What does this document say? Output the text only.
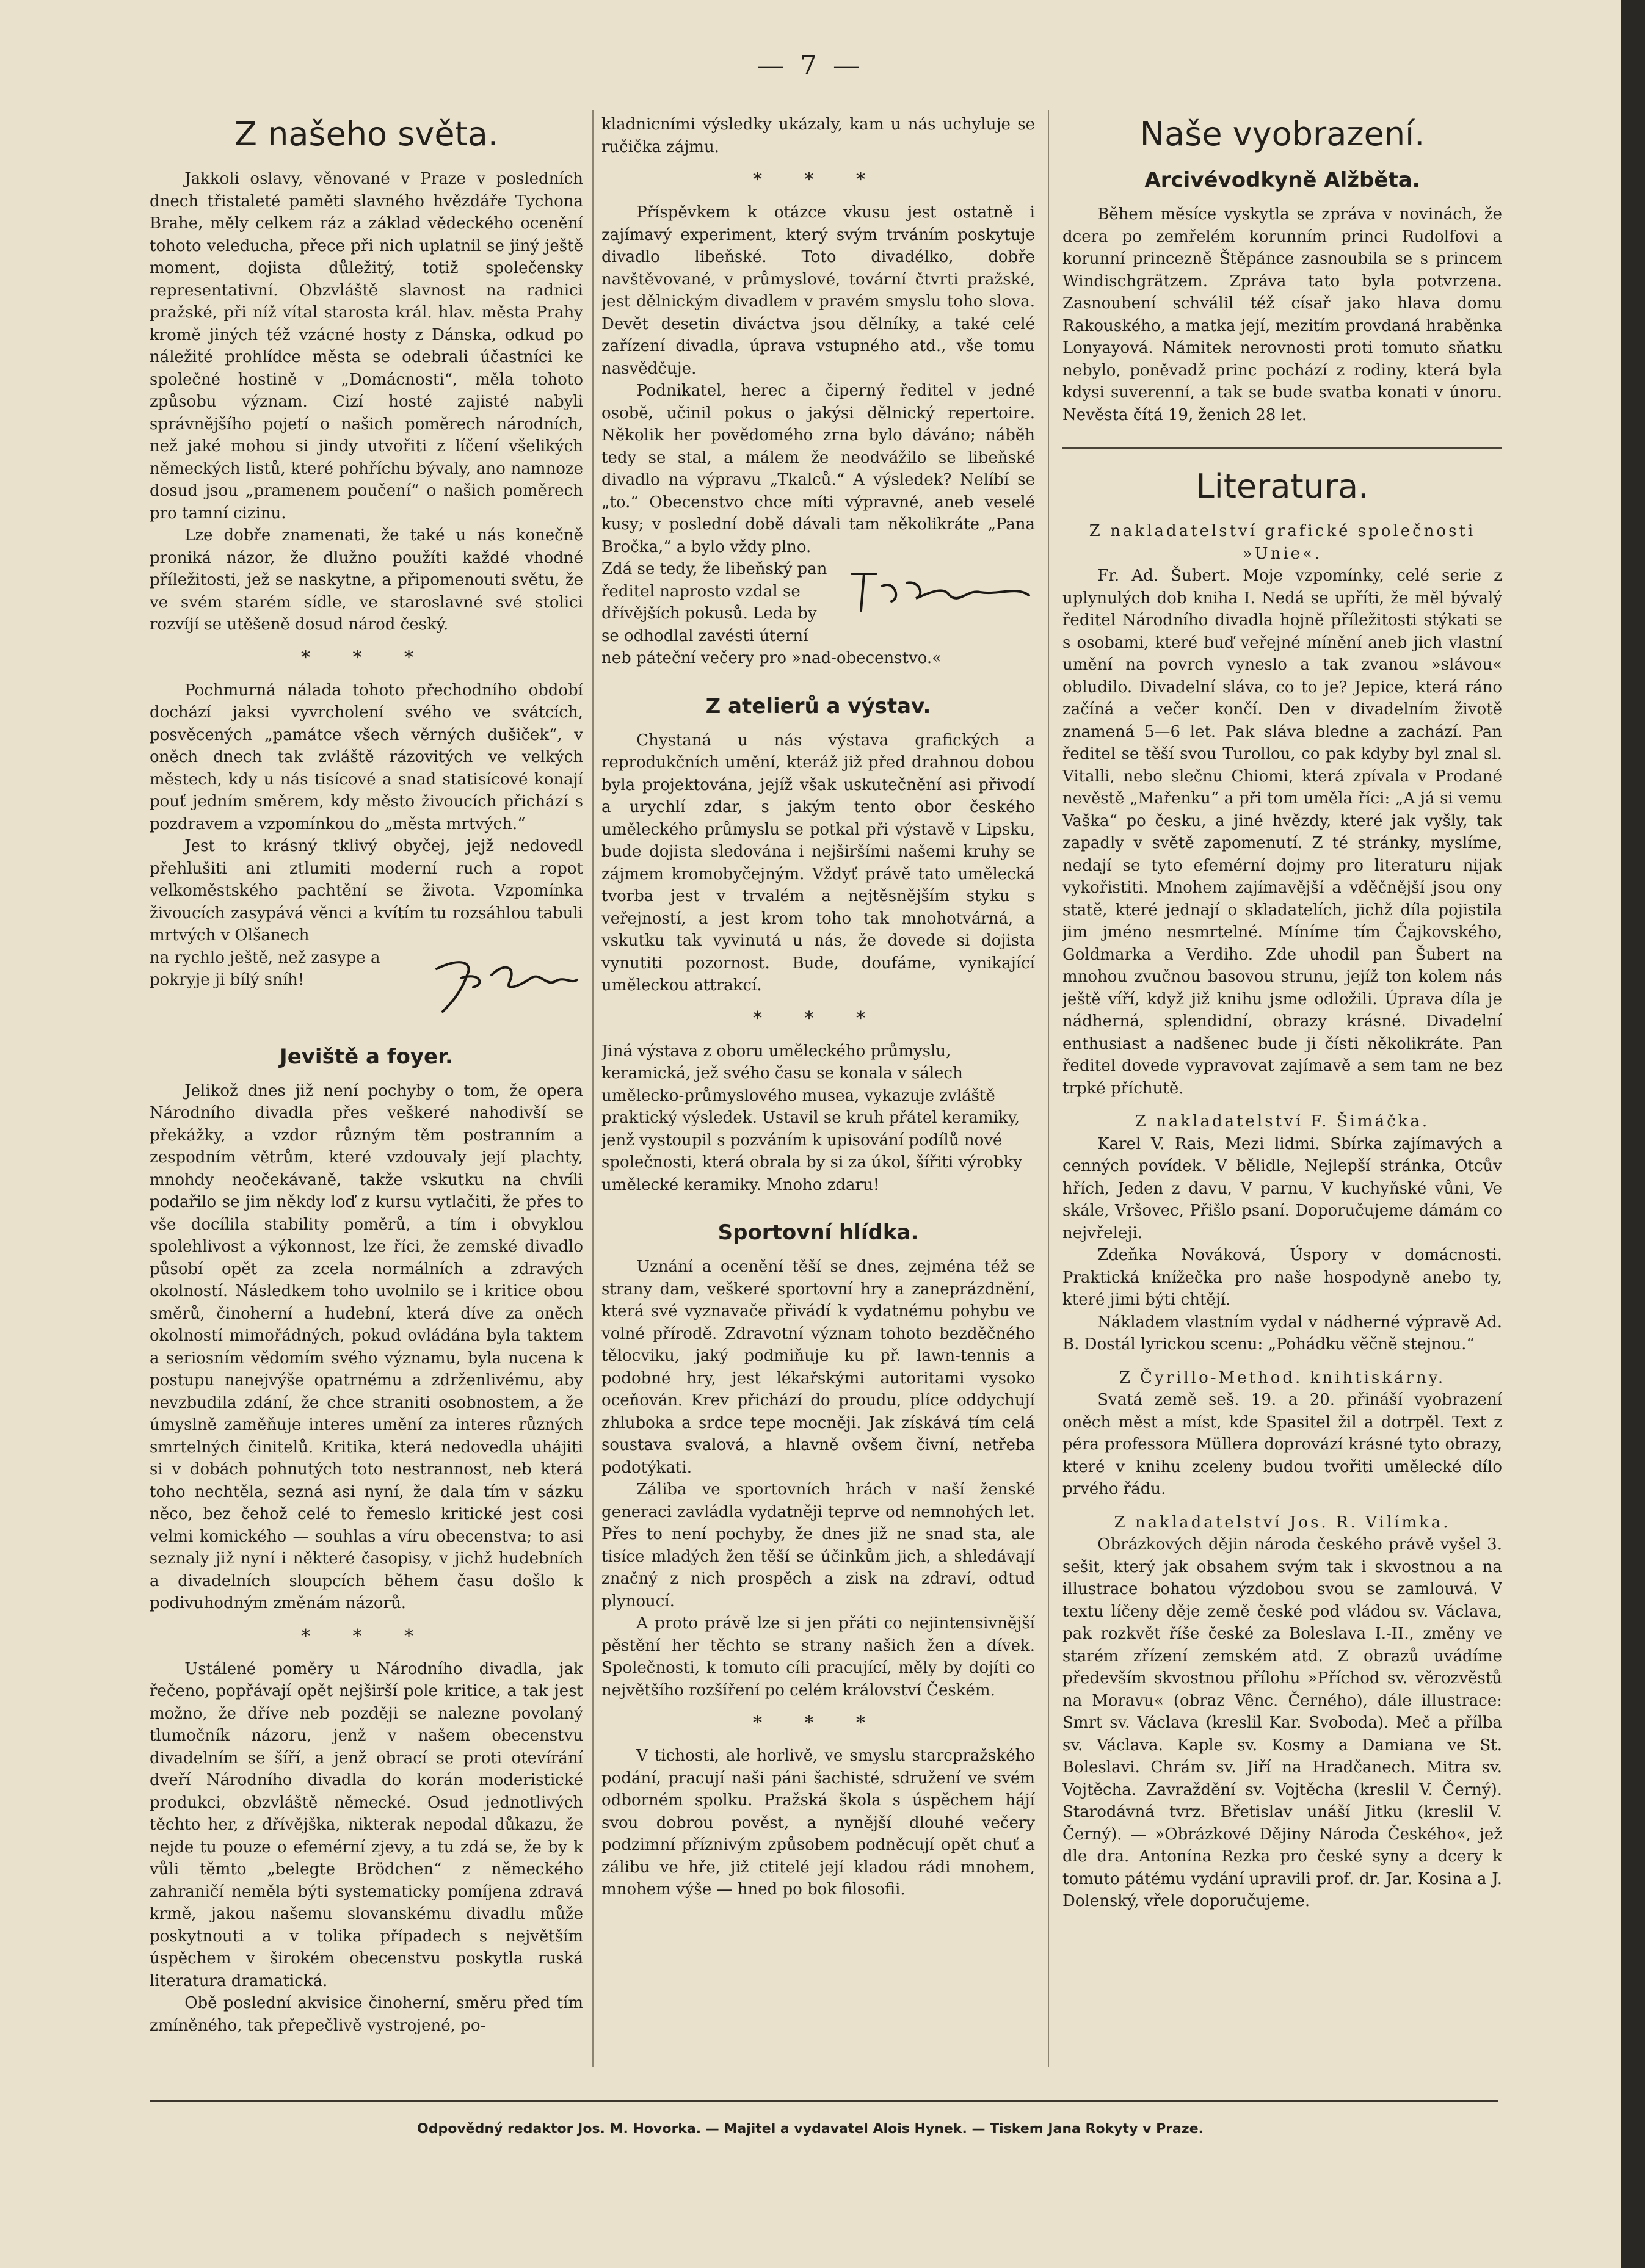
— 7 —
Z našeho světa.

Jakkoli oslavy, věnované v Praze v posledních dnech třistaleté paměti slavného hvězdáře Tychona Brahe, měly celkem ráz a základ vědeckého ocenění tohoto veleducha, přece při nich uplatnil se jiný ještě moment, dojista důležitý, totiž společensky representativní. Obzvláště slavnost na radnici pražské, při níž vítal starosta král. hlav. města Prahy kromě jiných též vzácné hosty z Dánska, odkud po náležité prohlídce města se odebrali účastníci ke společné hostině v „Domácnosti“, měla tohoto způsobu význam. Cizí hosté zajisté nabyli správnějšího pojetí o našich poměrech národních, než jaké mohou si jindy utvořiti z líčení všelikých německých listů, které pohříchu bývaly, ano namnoze dosud jsou „pramenem poučení“ o našich poměrech pro tamní cizinu.

Lze dobře znamenati, že také u nás konečně proniká názor, že dlužno použíti každé vhodné příležitosti, jež se naskytne, a připomenouti světu, že ve svém starém sídle, ve staroslavné své stolici rozvíjí se utěšeně dosud národ český.

* * *

Pochmurná nálada tohoto přechodního období dochází jaksi vyvrcholení svého ve svátcích, posvěcených „památce všech věrných dušiček“, v oněch dnech tak zvláště rázovitých ve velkých městech, kdy u nás tisícové a snad statisícové konají pouť jedním směrem, kdy město živoucích přichází s pozdravem a vzpomínkou do „města mrtvých.“

Jest to krásný tklivý obyčej, jejž nedovedl přehlušiti ani ztlumiti moderní ruch a ropot velkoměstského pachtění se života. Vzpomínka živoucích zasypává věnci a kvítím tu rozsáhlou tabuli mrtvých v Olšanech

na rychlo ještě, než zasype a pokryje ji bílý sníh!

Jeviště a foyer.

Jelikož dnes již není pochyby o tom, že opera Národního divadla přes veškeré nahodivší se překážky, a vzdor různým těm postranním a zespodním větrům, které vzdouvaly její plachty, mnohdy neočekávaně, takže vskutku na chvíli podařilo se jim někdy loď z kursu vytlačiti, že přes to vše docílila stability poměrů, a tím i obvyklou spolehlivost a výkonnost, lze říci, že zemské divadlo působí opět za zcela normálních a zdravých okolností. Následkem toho uvolnilo se i kritice obou směrů, činoherní a hudební, která díve za oněch okolností mimořádných, pokud ovládána byla taktem a seriosním vědomím svého významu, byla nucena k postupu nanejvýše opatrnému a zdrženlivému, aby nevzbudila zdání, že chce straniti osobnostem, a že úmyslně zaměňuje interes umění za interes různých smrtelných činitelů. Kritika, která nedovedla uháјiti si v dobách pohnutých toto nestrannost, neb která toho nechtěla, sezná asi nyní, že dala tím v sázku něco, bez čehož celé to řemeslo kritické jest cosi velmi komického — souhlas a víru obecenstva; to asi seznaly již nyní i některé časopisy, v jichž hudebních a divadelních sloupcích během času došlo k podivuhodným změnám názorů.

* * *

Ustálené poměry u Národního divadla, jak řečeno, popřávají opět nejširší pole kritice, a tak jest možno, že dříve neb později se nalezne povolaný tlumočník názoru, jenž v našem obecenstvu divadelním se šíří, a jenž obrací se proti otevírání dveří Národního divadla do korán moderistické produkci, obzvláště německé. Osud jednotlivých těchto her, z dřívějška, nikterak nepodal důkazu, že nejde tu pouze o efemérní zjevy, a tu zdá se, že by k vůli těmto „belegte Brödchen“ z německého zahraničí neměla býti systematicky pomíjena zdravá krmě, jakou našemu slovanskému divadlu může poskytnouti a v tolika případech s největším úspěchem v širokém obecenstvu poskytla ruská literatura dramatická.

Obě poslední akvisice činoherní, směru před tím zmíněného, tak přepečlivě vystrojené, po-

kladnicními výsledky ukázaly, kam u nás uchyluje se ručička zájmu.

* * *

Příspěvkem k otázce vkusu jest ostatně i zajímavý experiment, který svým trváním poskytuje divadlo libeňské. Toto divadélko, dobře navštěvované, v průmyslové, tovární čtvrti pražské, jest dělnickým divadlem v pravém smyslu toho slova. Devět desetin diváctva jsou dělníky, a také celé zařízení divadla, úprava vstupného atd., vše tomu nasvědčuje.

Podnikatel, herec a čiperný ředitel v jedné osobě, učinil pokus o jakýsi dělnický repertoire. Několik her povědomého zrna bylo dáváno; náběh tedy se stal, a málem že neodvážilo se libeňské divadlo na výpravu „Tkalců.“ A výsledek? Nelíbí se „to.“ Obecenstvo chce míti výpravné, aneb veselé kusy; v poslední době dávali tam několikráte „Pana Bročka,“ a bylo vždy plno.

Zdá se tedy, že libeňský pan ředitel naprosto vzdal se dřívějších pokusů. Leda by se odhodlal zavésti úterní neb páteční večery pro »nad-obecenstvo.«

Z atelierů a výstav.

Chystaná u nás výstava grafických a reprodukčních umění, kteráž již před drahnou dobou byla projektována, jejíž však uskutečnění asi přivodí a urychlí zdar, s jakým tento obor českého uměleckého průmyslu se potkal při výstavě v Lipsku, bude dojista sledována i nejširšími našemi kruhy se zájmem kromobyčejným. Vždyť právě tato umělecká tvorba jest v trvalém a nejtěsnějším styku s veřejností, a jest krom toho tak mnohotvárná, a vskutku tak vyvinutá u nás, že dovede si dojista vynutiti pozornost. Bude, doufáme, vynikající uměleckou attrakcí.

* * *

Jiná výstava z oboru uměleckého průmyslu, keramická, jež svého času se konala v sálech umělecko-průmyslového musea, vykazuje zvláště praktický výsledek. Ustavil se kruh přátel keramiky, jenž vystoupil s pozváním k upisování podílů nové společnosti, která obrala by si za úkol, šířiti výrobky umělecké keramiky. Mnoho zdaru!

Sportovní hlídka.

Uznání a ocenění těší se dnes, zejména též se strany dam, veškeré sportovní hry a zaneprázdnění, která své vyznavače přivádí k vydatnému pohybu ve volné přírodě. Zdravotní význam tohoto bezděčného tělocviku, jaký podmiňuje ku př. lawn-tennis a podobné hry, jest lékařskými autoritami vysoko oceňován. Krev přichází do proudu, plíce oddychují zhluboka a srdce tepe mocněji. Jak získává tím celá soustava svalová, a hlavně ovšem čivní, netřeba podotýkati.

Záliba ve sportovních hrách v naší ženské generaci zavládla vydatněji teprve od nemnohých let. Přes to není pochyby, že dnes již ne snad sta, ale tisíce mladých žen těší se účinkům jich, a shledávají značný z nich prospěch a zisk na zdraví, odtud plynoucí.

A proto právě lze si jen přáti co nejintensivnější pěstění her těchto se strany našich žen a dívek. Společnosti, k tomuto cíli pracující, měly by dojíti co největšího rozšíření po celém království Českém.

* * *

V tichosti, ale horlivě, ve smyslu starcpražského podání, pracují naši páni šachisté, sdružení ve svém odborném spolku. Pražská škola s úspěchem hájí svou dobrou pověst, a nynější dlouhé večery podzimní příznivým způsobem podněcují opět chuť a zálibu ve hře, již ctitelé její kladou rádi mnohem, mnohem výše — hned po bok filosofii.

Naše vyobrazení.
Arcivévodkyně Alžběta.

Během měsíce vyskytla se zpráva v novinách, že dcera po zemřelém korunním princi Rudolfovi a korunní princezně Štěpánce zasnoubila se s princem Windischgrätzem. Zpráva tato byla potvrzena. Zasnoubení schválil též císař jako hlava domu Rakouského, a matka její, mezitím provdaná hraběnka Lonyayová. Námitek nerovnosti proti tomuto sňatku nebylo, poněvadž princ pochází z rodiny, která byla kdysi suverenní, a tak se bude svatba konati v únoru. Nevěsta čítá 19, ženich 28 let.

Literatura.

Z nakladatelství grafické společnosti »Unie«.

Fr. Ad. Šubert. Moje vzpomínky, celé serie z uplynulých dob kniha I. Nedá se upříti, že měl bývalý ředitel Národního divadla hojně příležitosti stýkati se s osobami, které buď veřejné mínění aneb jich vlastní umění na povrch vyneslo a tak zvanou »slávou« obludilo. Divadelní sláva, co to je? Jepice, která ráno začíná a večer končí. Den v divadelním životě znamená 5—6 let. Pak sláva bledne a zachází. Pan ředitel se těší svou Turollou, co pak kdyby byl znal sl. Vitalli, nebo slečnu Chiomi, která zpívala v Prodané nevěstě „Mařenku“ a při tom uměla říci: „A já si vemu Vaška“ po česku, a jiné hvězdy, které jak vyšly, tak zapadly v světě zapomenutí. Z té stránky, myslíme, nedají se tyto efemérní dojmy pro literaturu nijak vykořistiti. Mnohem zajímavější a vděčnější jsou ony statě, které jednají o skladatelích, jichž díla pojistila jim jméno nesmrtelné. Míníme tím Čajkovského, Goldmarka a Verdiho. Zde uhodil pan Šubert na mnohou zvučnou basovou strunu, jejíž ton kolem nás ještě víří, když již knihu jsme odložili. Úprava díla je nádherná, splendidní, obrazy krásné. Divadelní enthusiast a nadšenec bude ji čísti několikráte. Pan ředitel dovede vypravovat zajímavě a sem tam ne bez trpké příchutě.

Z nakladatelství F. Šimáčka.

Karel V. Rais, Mezi lidmi. Sbírka zajímavých a cenných povídek. V bělidle, Nejlepší stránka, Otcův hřích, Jeden z davu, V parnu, V kuchyňské vůni, Ve skále, Vršovec, Přišlo psaní. Doporučujeme dámám co nejvřeleji.

Zdeňka Nováková, Úspory v domácnosti. Praktická knížečka pro naše hospodyně anebo ty, které jimi býti chtějí.

Nákladem vlastním vydal v nádherné výpravě Ad. B. Dostál lyrickou scenu: „Pohádku věčně stejnou.“

Z Čyrillo-Method. knihtiskárny.

Svatá země seš. 19. a 20. přináší vyobrazení oněch měst a míst, kde Spasitel žil a dotrpěl. Text z péra professora Müllera doprovází krásné tyto obrazy, které v knihu zceleny budou tvořiti umělecké dílo prvého řádu.

Z nakladatelství Jos. R. Vilímka.

Obrázkových dějin národa českého právě vyšel 3. sešit, který jak obsahem svým tak i skvostnou a na illustrace bohatou výzdobou svou se zamlouvá. V textu líčeny děje země české pod vládou sv. Václava, pak rozkvět říše české za Boleslava I.-II., změny ve starém zřízení zemském atd. Z obrazů uvádíme především skvostnou přílohu »Příchod sv. věrozvěstů na Moravu« (obraz Vênc. Černého), dále illustrace: Smrt sv. Václava (kreslil Kar. Svoboda). Meč a přílba sv. Václava. Kaple sv. Kosmy a Damiana ve St. Boleslavi. Chrám sv. Jiří na Hradčanech. Mitra sv. Vojtěcha. Zavraždění sv. Vojtěcha (kreslil V. Černý). Starodávná tvrz. Břetislav unáší Jitku (kreslil V. Černý). — »Obrázkové Dějiny Národa Českého«, jež dle dra. Antonína Rezka pro české syny a dcery k tomuto pátému vydání upravili prof. dr. Jar. Kosina a J. Dolenský, vřele doporučujeme.

Odpovědný redaktor Jos. M. Hovorka. — Majitel a vydavatel Alois Hynek. — Tiskem Jana Rokyty v Praze.
